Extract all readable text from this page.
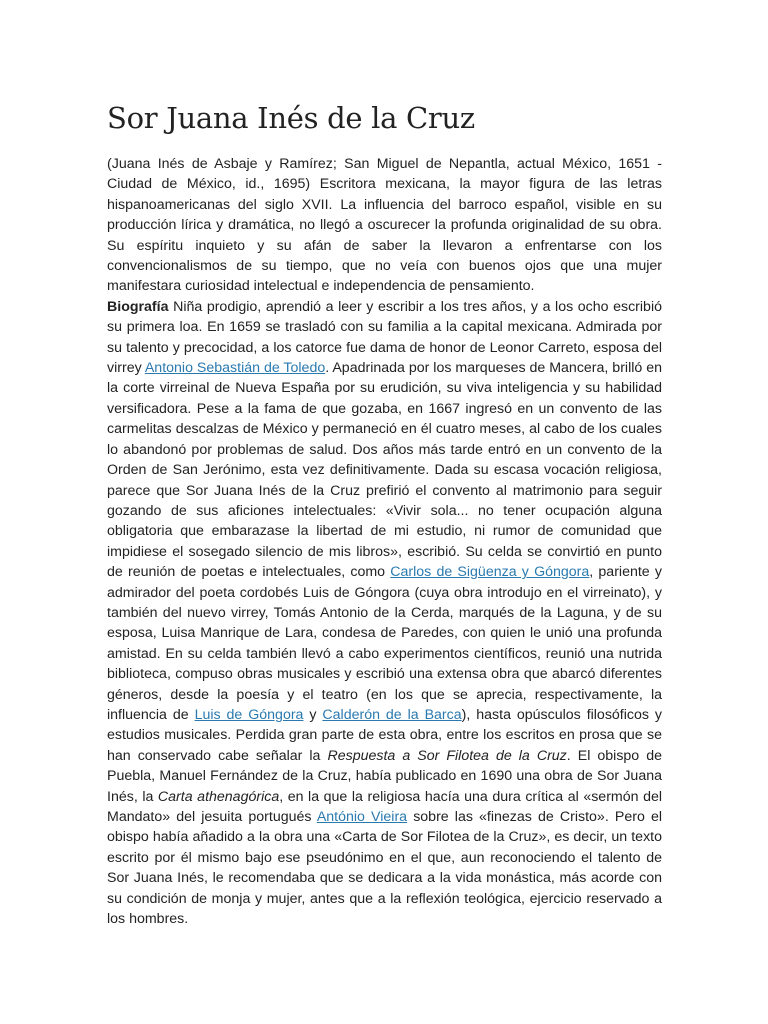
Sor Juana Inés de la Cruz

(Juana Inés de Asbaje y Ramírez; San Miguel de Nepantla, actual México, 1651 - Ciudad de México, id., 1695) Escritora mexicana, la mayor figura de las letras hispanoamericanas del siglo XVII. La influencia del barroco español, visible en su producción lírica y dramática, no llegó a oscurecer la profunda originalidad de su obra. Su espíritu inquieto y su afán de saber la llevaron a enfrentarse con los convencionalismos de su tiempo, que no veía con buenos ojos que una mujer manifestara curiosidad intelectual e independencia de pensamiento.

Biografía Niña prodigio, aprendió a leer y escribir a los tres años, y a los ocho escribió su primera loa. En 1659 se trasladó con su familia a la capital mexicana. Admirada por su talento y precocidad, a los catorce fue dama de honor de Leonor Carreto, esposa del virrey Antonio Sebastián de Toledo. Apadrinada por los marqueses de Mancera, brilló en la corte virreinal de Nueva España por su erudición, su viva inteligencia y su habilidad versificadora. Pese a la fama de que gozaba, en 1667 ingresó en un convento de las carmelitas descalzas de México y permaneció en él cuatro meses, al cabo de los cuales lo abandonó por problemas de salud. Dos años más tarde entró en un convento de la Orden de San Jerónimo, esta vez definitivamente. Dada su escasa vocación religiosa, parece que Sor Juana Inés de la Cruz prefirió el convento al matrimonio para seguir gozando de sus aficiones intelectuales: «Vivir sola... no tener ocupación alguna obligatoria que embarazase la libertad de mi estudio, ni rumor de comunidad que impidiese el sosegado silencio de mis libros», escribió. Su celda se convirtió en punto de reunión de poetas e intelectuales, como Carlos de Sigüenza y Góngora, pariente y admirador del poeta cordobés Luis de Góngora (cuya obra introdujo en el virreinato), y también del nuevo virrey, Tomás Antonio de la Cerda, marqués de la Laguna, y de su esposa, Luisa Manrique de Lara, condesa de Paredes, con quien le unió una profunda amistad. En su celda también llevó a cabo experimentos científicos, reunió una nutrida biblioteca, compuso obras musicales y escribió una extensa obra que abarcó diferentes géneros, desde la poesía y el teatro (en los que se aprecia, respectivamente, la influencia de Luis de Góngora y Calderón de la Barca), hasta opúsculos filosóficos y estudios musicales. Perdida gran parte de esta obra, entre los escritos en prosa que se han conservado cabe señalar la Respuesta a Sor Filotea de la Cruz. El obispo de Puebla, Manuel Fernández de la Cruz, había publicado en 1690 una obra de Sor Juana Inés, la Carta athenagórica, en la que la religiosa hacía una dura crítica al «sermón del Mandato» del jesuita portugués António Vieira sobre las «finezas de Cristo». Pero el obispo había añadido a la obra una «Carta de Sor Filotea de la Cruz», es decir, un texto escrito por él mismo bajo ese pseudónimo en el que, aun reconociendo el talento de Sor Juana Inés, le recomendaba que se dedicara a la vida monástica, más acorde con su condición de monja y mujer, antes que a la reflexión teológica, ejercicio reservado a los hombres.
